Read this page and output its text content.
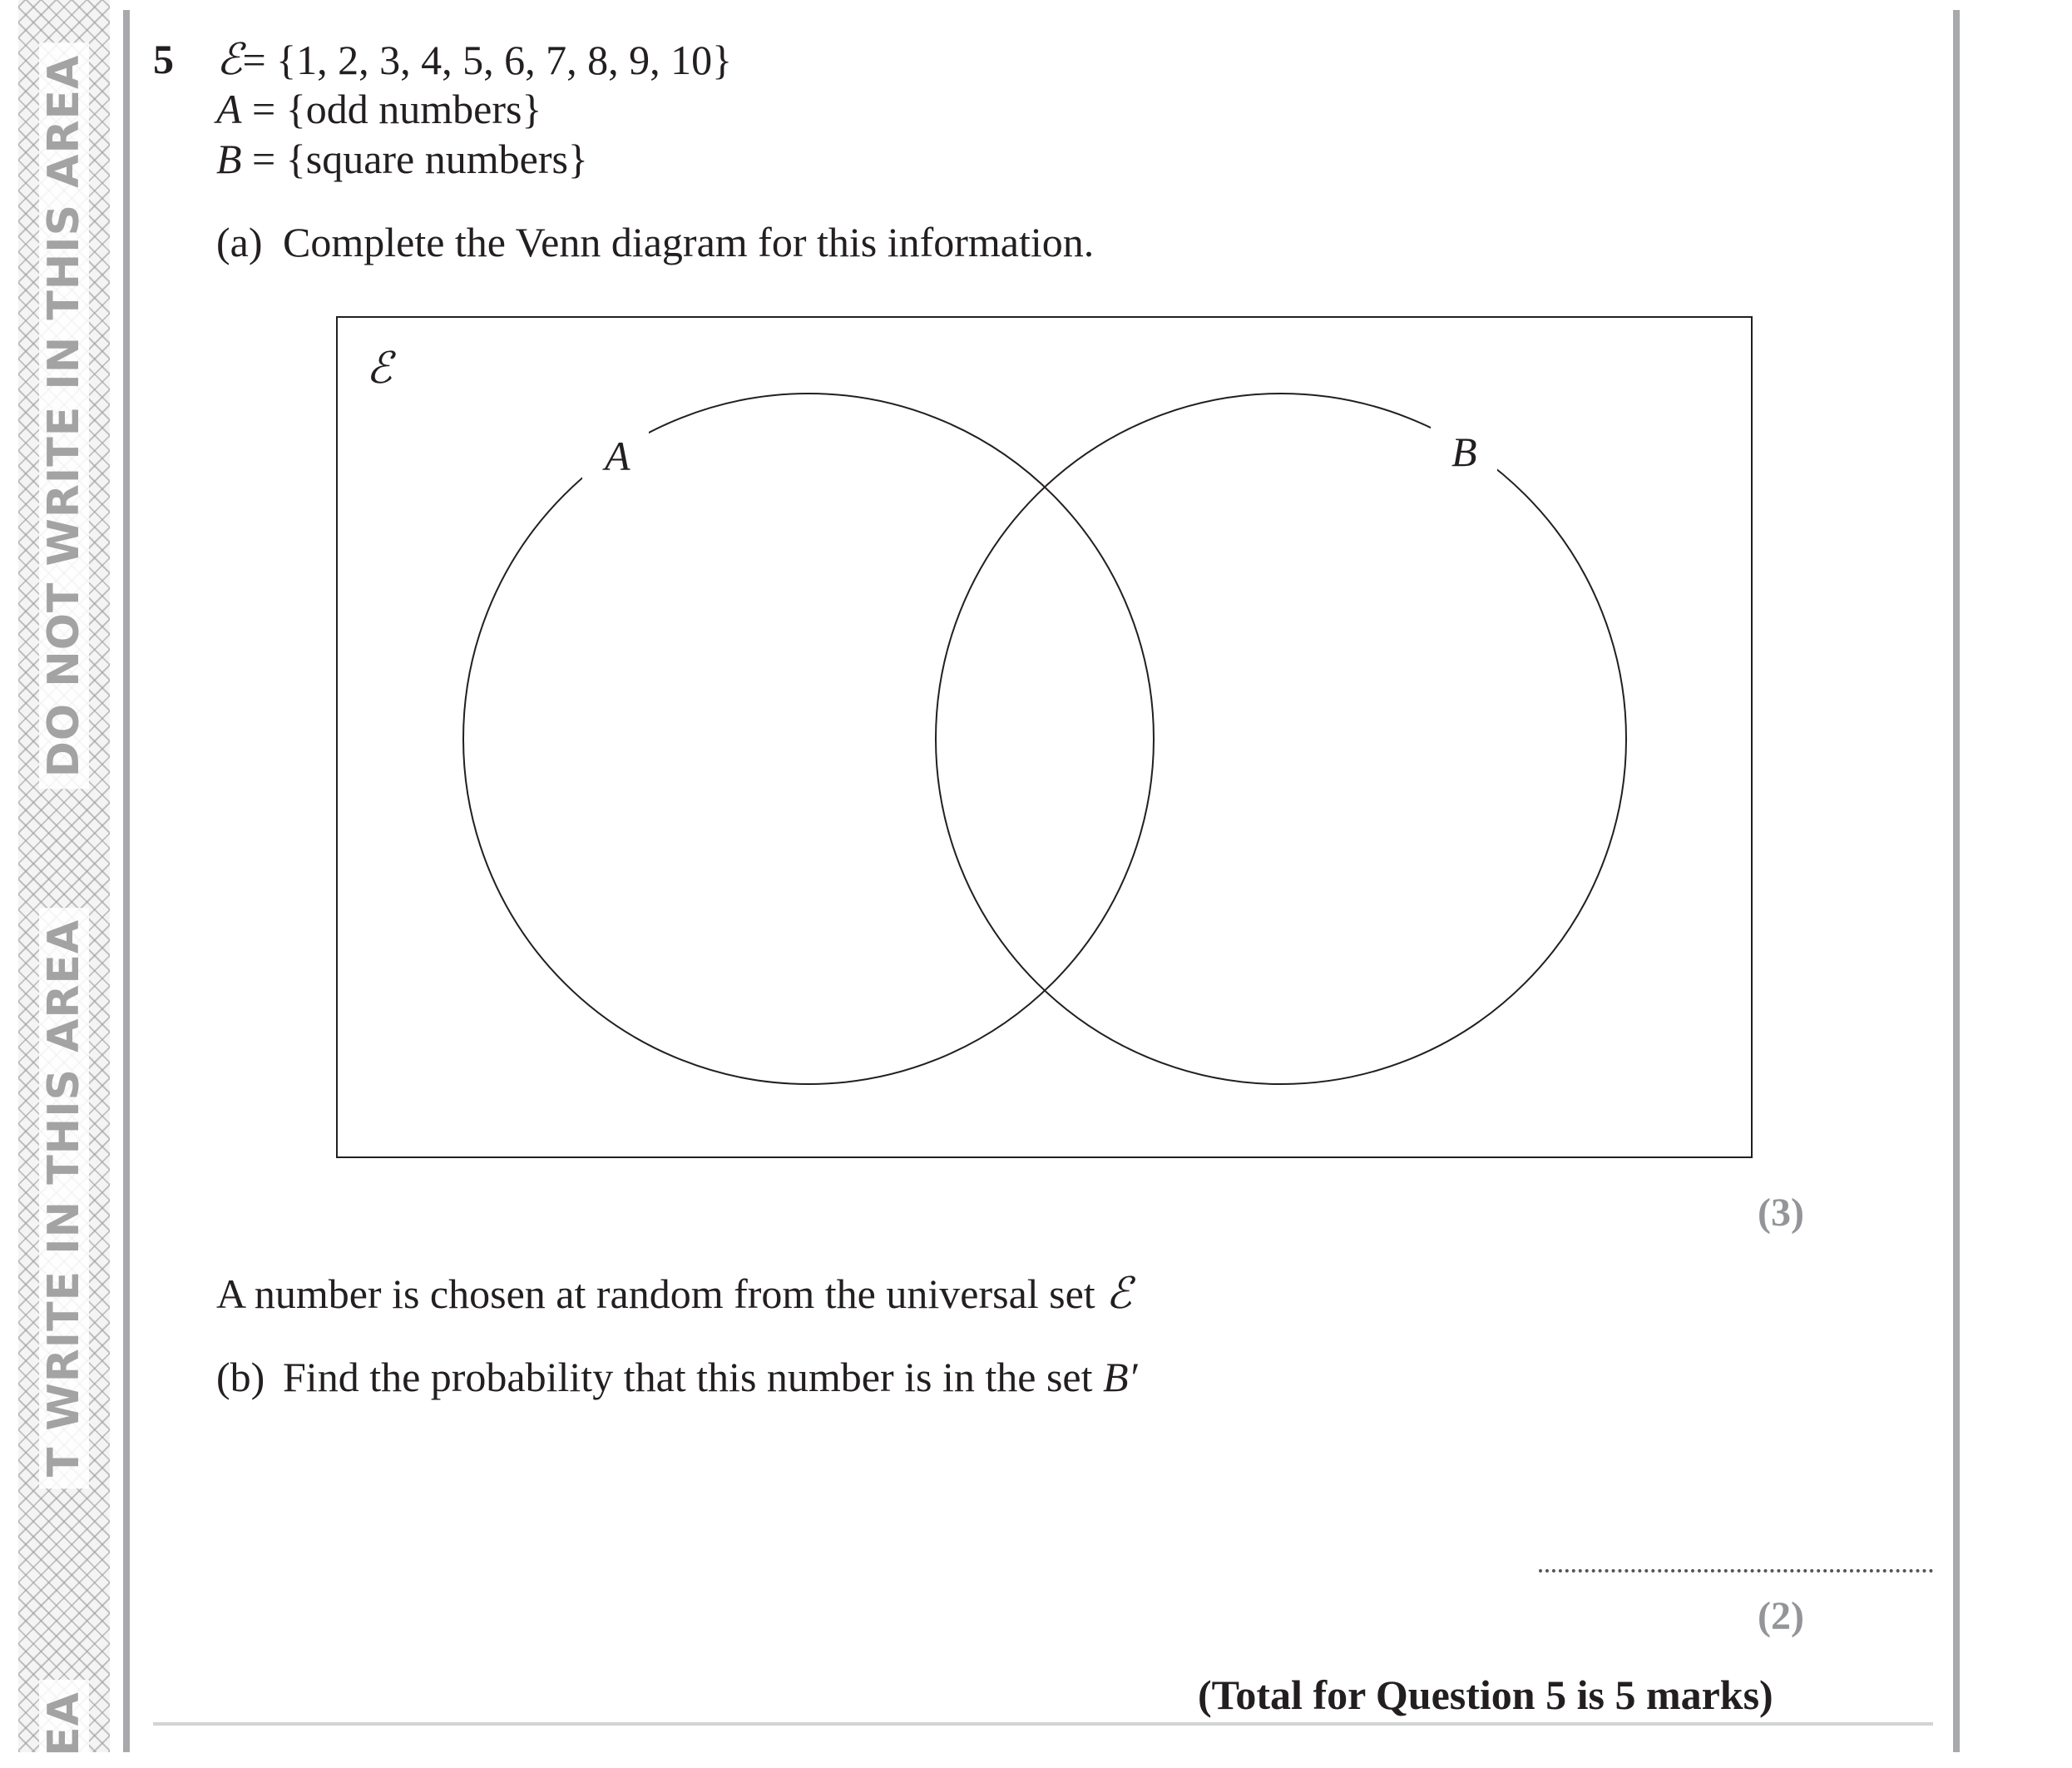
DO NOT WRITE IN THIS AREA
T WRITE IN THIS AREA
EA
5 ℰ= {1, 2, 3, 4, 5, 6, 7, 8, 9, 10}
A = {odd numbers}
B = {square numbers}
(a) Complete the Venn diagram for this information.
ℰ
A	B
(3)
A number is chosen at random from the universal set ℰ
(b) Find the probability that this number is in the set B′
(2)
(Total for Question 5 is 5 marks)
